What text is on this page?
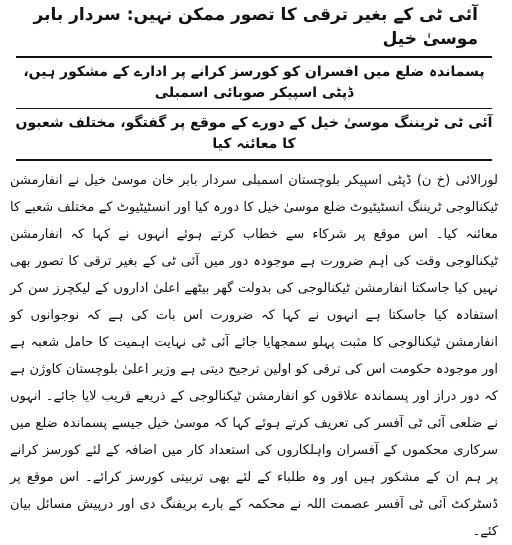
آئی ٹی کے بغیر ترقی کا تصور ممکن نہیں: سردار بابر موسیٰ خیل
پسماندہ ضلع میں افسران کو کورسز کرانے پر ادارے کے مشکور ہیں، ڈپٹی اسپیکر صوبائی اسمبلی
آئی ٹی ٹریننگ موسیٰ خیل کے دورے کے موقع پر گفتگو، مختلف شعبوں کا معائنہ کیا
لورالائی (خ ن) ڈپٹی اسپیکر بلوچستان اسمبلی سردار بابر خان موسیٰ خیل نے انفارمشن ٹیکنالوجی ٹریننگ انسٹیٹیوٹ ضلع موسیٰ خیل کا دورہ کیا اور انسٹیٹیوٹ کے مختلف شعبے کا معائنہ کیا۔ اس موقع پر شرکاء سے خطاب کرتے ہوئے انہوں نے کہا کہ انفارمشن ٹیکنالوجی وقت کی اہم ضرورت ہے موجودہ دور میں آئی ٹی کے بغیر ترقی کا تصور بھی نہیں کیا جاسکتا انفارمشن ٹیکنالوجی کی بدولت گھر بیٹھے اعلیٰ اداروں کے لیکچرز سن کر استفادہ کیا جاسکتا ہے انہوں نے کہا کہ ضرورت اس بات کی ہے کہ نوجوانوں کو انفارمشن ٹیکنالوجی کا مثبت پہلو سمجھایا جائے آئی ٹی نہایت اہمیت کا حامل شعبہ ہے اور موجودہ حکومت اس کی ترقی کو اولین ترجیح دیتی ہے وزیر اعلیٰ بلوچستان کاوژن ہے کہ دور دراز اور پسماندہ علاقوں کو انفارمشن ٹیکنالوجی کے ذریعے قریب لایا جائے۔ انہوں نے ضلعی آئی ٹی آفسر کی تعریف کرتے ہوئے کہا کہ موسیٰ خیل جیسے پسماندہ ضلع میں سرکاری محکموں کے آفسران واہلکاروں کی استعداد کار میں اضافہ کے لئے کورسز کرانے پر ہم ان کے مشکور ہیں اور وہ طلباء کے لئے بھی تربیتی کورسز کرائے۔ اس موقع پر ڈسٹرکٹ آئی ٹی آفسر عصمت اللہ نے محکمہ کے بارے بریفنگ دی اور درپیش مسائل بیان کئے۔
